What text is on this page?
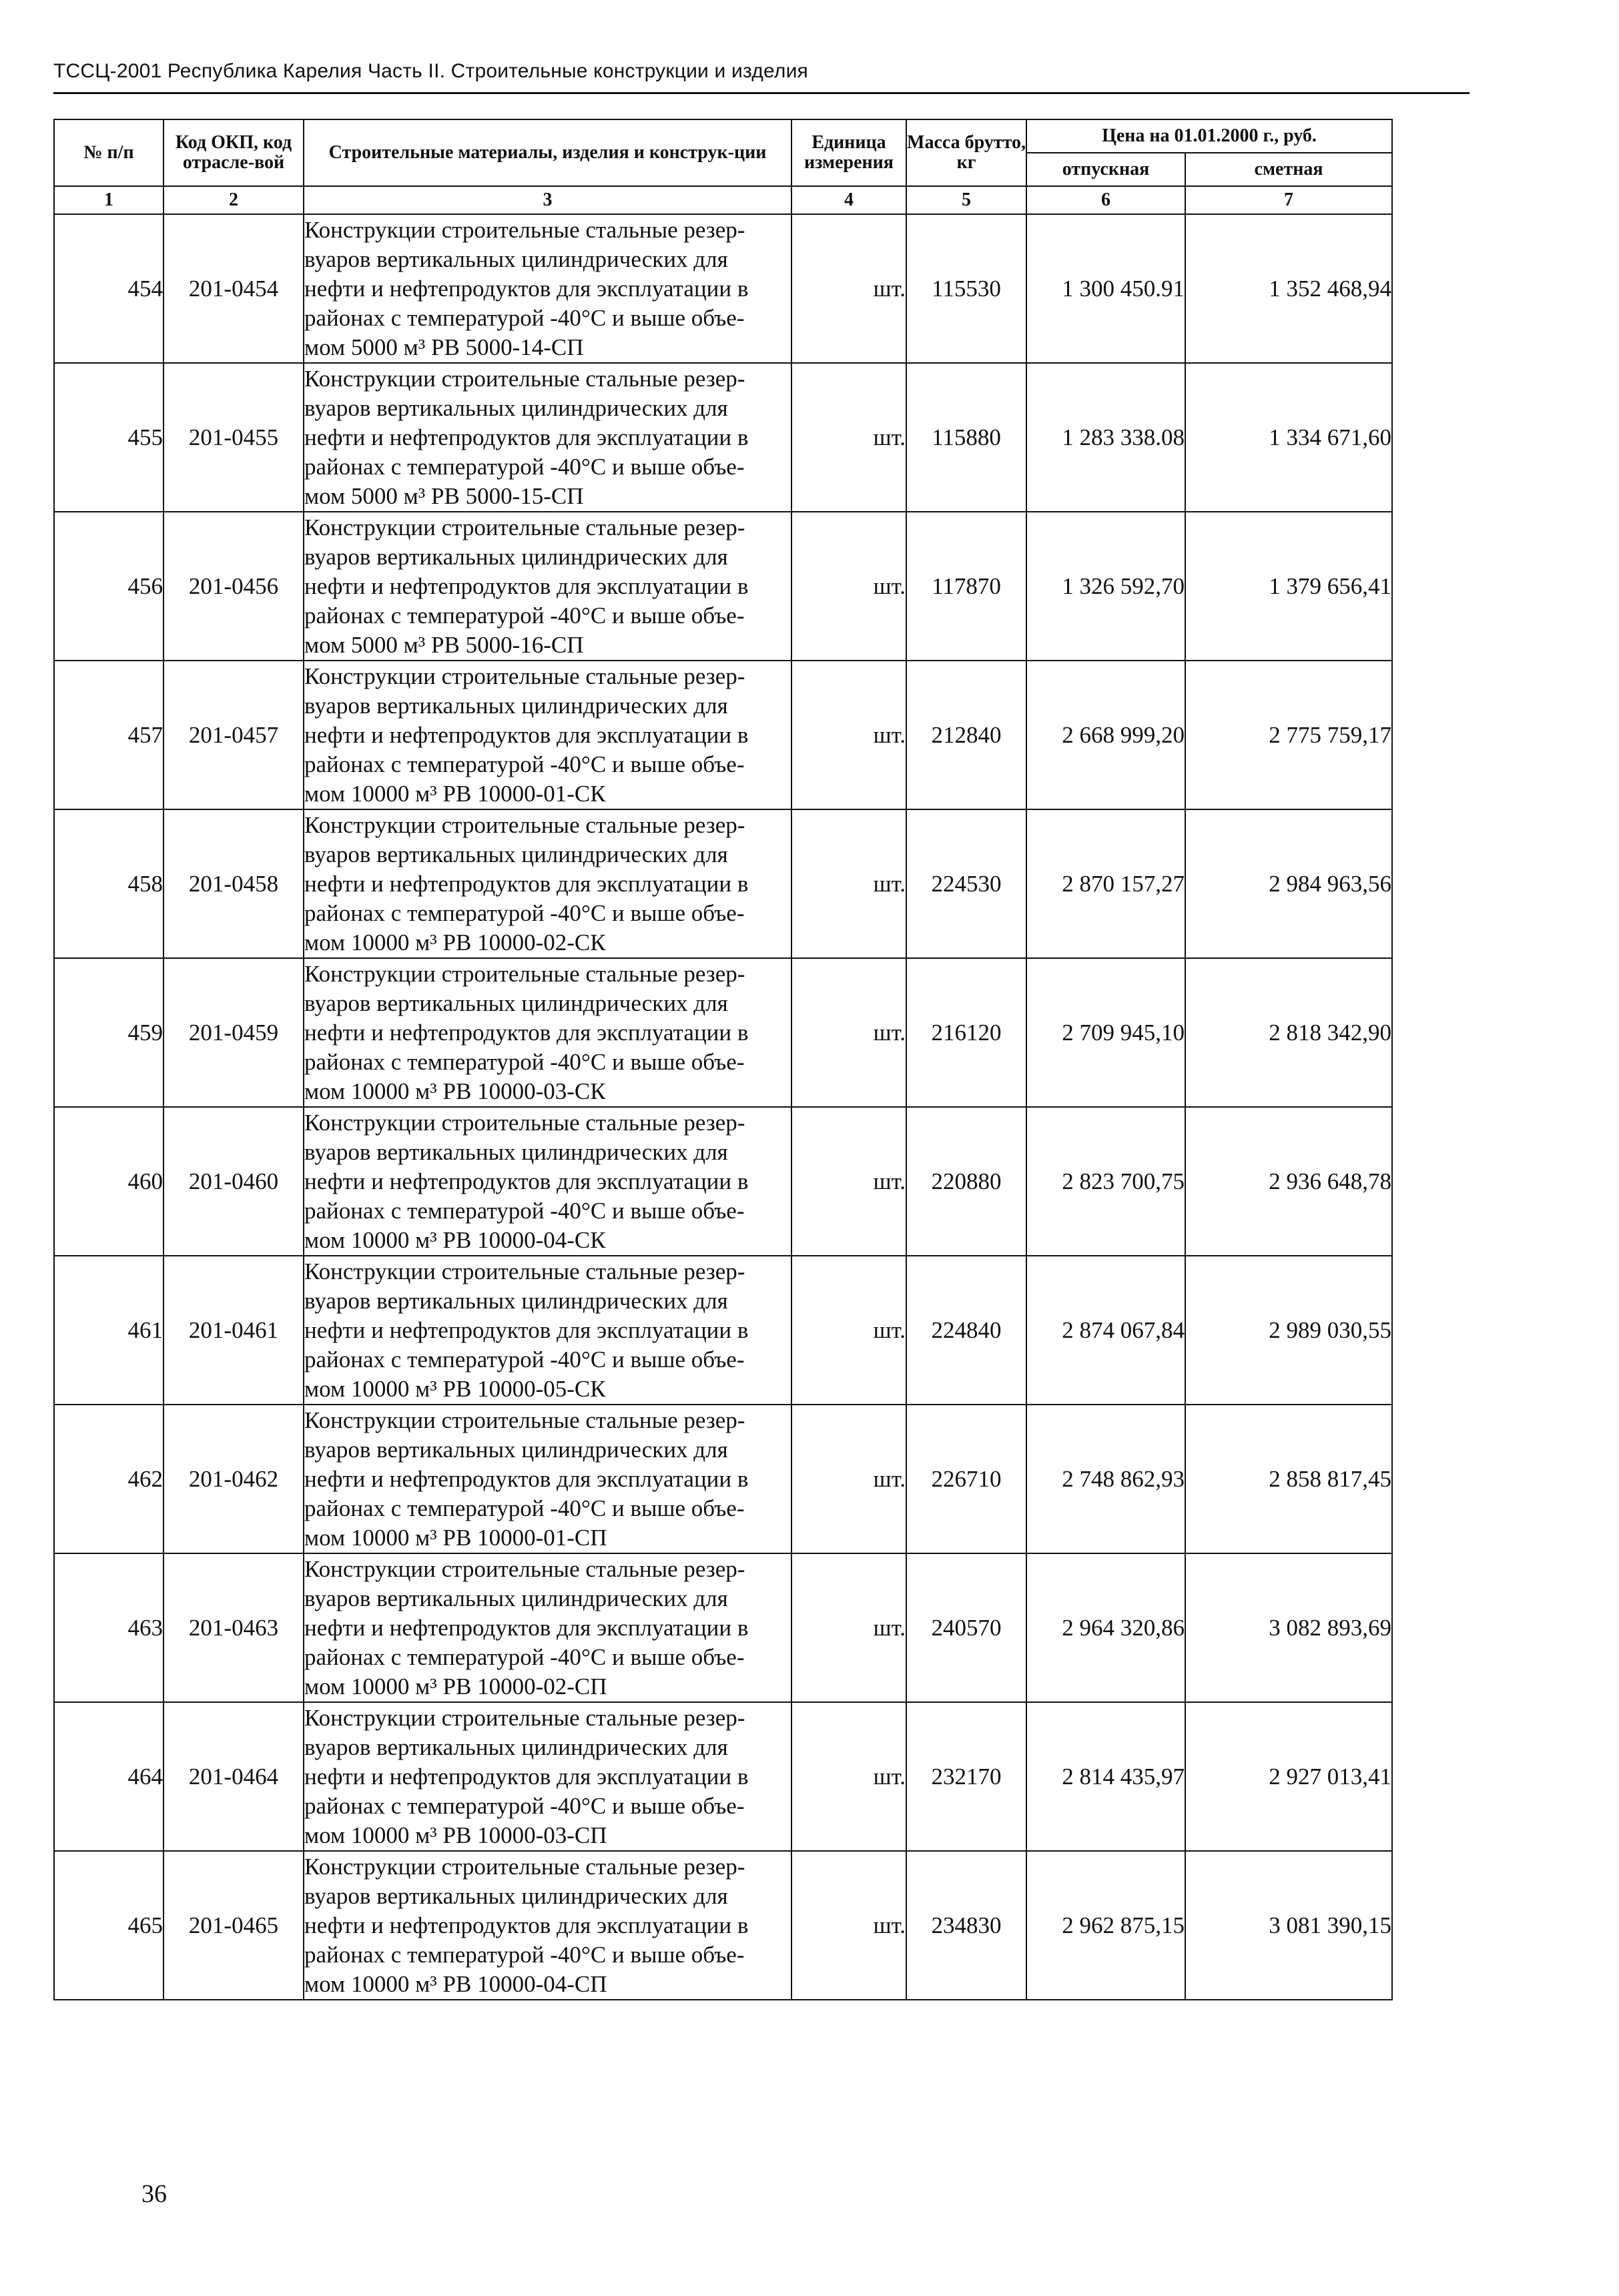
ТССЦ-2001 Республика Карелия Часть II. Строительные конструкции и изделия
№ п/п	Код ОКП, код отрасле-вой	Строительные материалы, изделия и конструк-ции	Единица измерения	Масса брутто, кг	Цена на 01.01.2000 г., руб.	
					отпускная	сметная
1	2	3	4	5	6	7
454	201-0454	Конструкции строительные стальные резер-
вуаров вертикальных цилиндрических для
нефти и нефтепродуктов для эксплуатации в
районах с температурой -40°С и выше объе-
мом 5000 м³ РВ 5000-14-СП	шт.	115530	1 300 450.91	1 352 468,94
455	201-0455	Конструкции строительные стальные резер-
вуаров вертикальных цилиндрических для
нефти и нефтепродуктов для эксплуатации в
районах с температурой -40°С и выше объе-
мом 5000 м³ РВ 5000-15-СП	шт.	115880	1 283 338.08	1 334 671,60
456	201-0456	Конструкции строительные стальные резер-
вуаров вертикальных цилиндрических для
нефти и нефтепродуктов для эксплуатации в
районах с температурой -40°С и выше объе-
мом 5000 м³ РВ 5000-16-СП	шт.	117870	1 326 592,70	1 379 656,41
457	201-0457	Конструкции строительные стальные резер-
вуаров вертикальных цилиндрических для
нефти и нефтепродуктов для эксплуатации в
районах с температурой -40°С и выше объе-
мом 10000 м³ РВ 10000-01-СК	шт.	212840	2 668 999,20	2 775 759,17
458	201-0458	Конструкции строительные стальные резер-
вуаров вертикальных цилиндрических для
нефти и нефтепродуктов для эксплуатации в
районах с температурой -40°С и выше объе-
мом 10000 м³ РВ 10000-02-СК	шт.	224530	2 870 157,27	2 984 963,56
459	201-0459	Конструкции строительные стальные резер-
вуаров вертикальных цилиндрических для
нефти и нефтепродуктов для эксплуатации в
районах с температурой -40°С и выше объе-
мом 10000 м³ РВ 10000-03-СК	шт.	216120	2 709 945,10	2 818 342,90
460	201-0460	Конструкции строительные стальные резер-
вуаров вертикальных цилиндрических для
нефти и нефтепродуктов для эксплуатации в
районах с температурой -40°С и выше объе-
мом 10000 м³ РВ 10000-04-СК	шт.	220880	2 823 700,75	2 936 648,78
461	201-0461	Конструкции строительные стальные резер-
вуаров вертикальных цилиндрических для
нефти и нефтепродуктов для эксплуатации в
районах с температурой -40°С и выше объе-
мом 10000 м³ РВ 10000-05-СК	шт.	224840	2 874 067,84	2 989 030,55
462	201-0462	Конструкции строительные стальные резер-
вуаров вертикальных цилиндрических для
нефти и нефтепродуктов для эксплуатации в
районах с температурой -40°С и выше объе-
мом 10000 м³ РВ 10000-01-СП	шт.	226710	2 748 862,93	2 858 817,45
463	201-0463	Конструкции строительные стальные резер-
вуаров вертикальных цилиндрических для
нефти и нефтепродуктов для эксплуатации в
районах с температурой -40°С и выше объе-
мом 10000 м³ РВ 10000-02-СП	шт.	240570	2 964 320,86	3 082 893,69
464	201-0464	Конструкции строительные стальные резер-
вуаров вертикальных цилиндрических для
нефти и нефтепродуктов для эксплуатации в
районах с температурой -40°С и выше объе-
мом 10000 м³ РВ 10000-03-СП	шт.	232170	2 814 435,97	2 927 013,41
465	201-0465	Конструкции строительные стальные резер-
вуаров вертикальных цилиндрических для
нефти и нефтепродуктов для эксплуатации в
районах с температурой -40°С и выше объе-
мом 10000 м³ РВ 10000-04-СП	шт.	234830	2 962 875,15	3 081 390,15
36
